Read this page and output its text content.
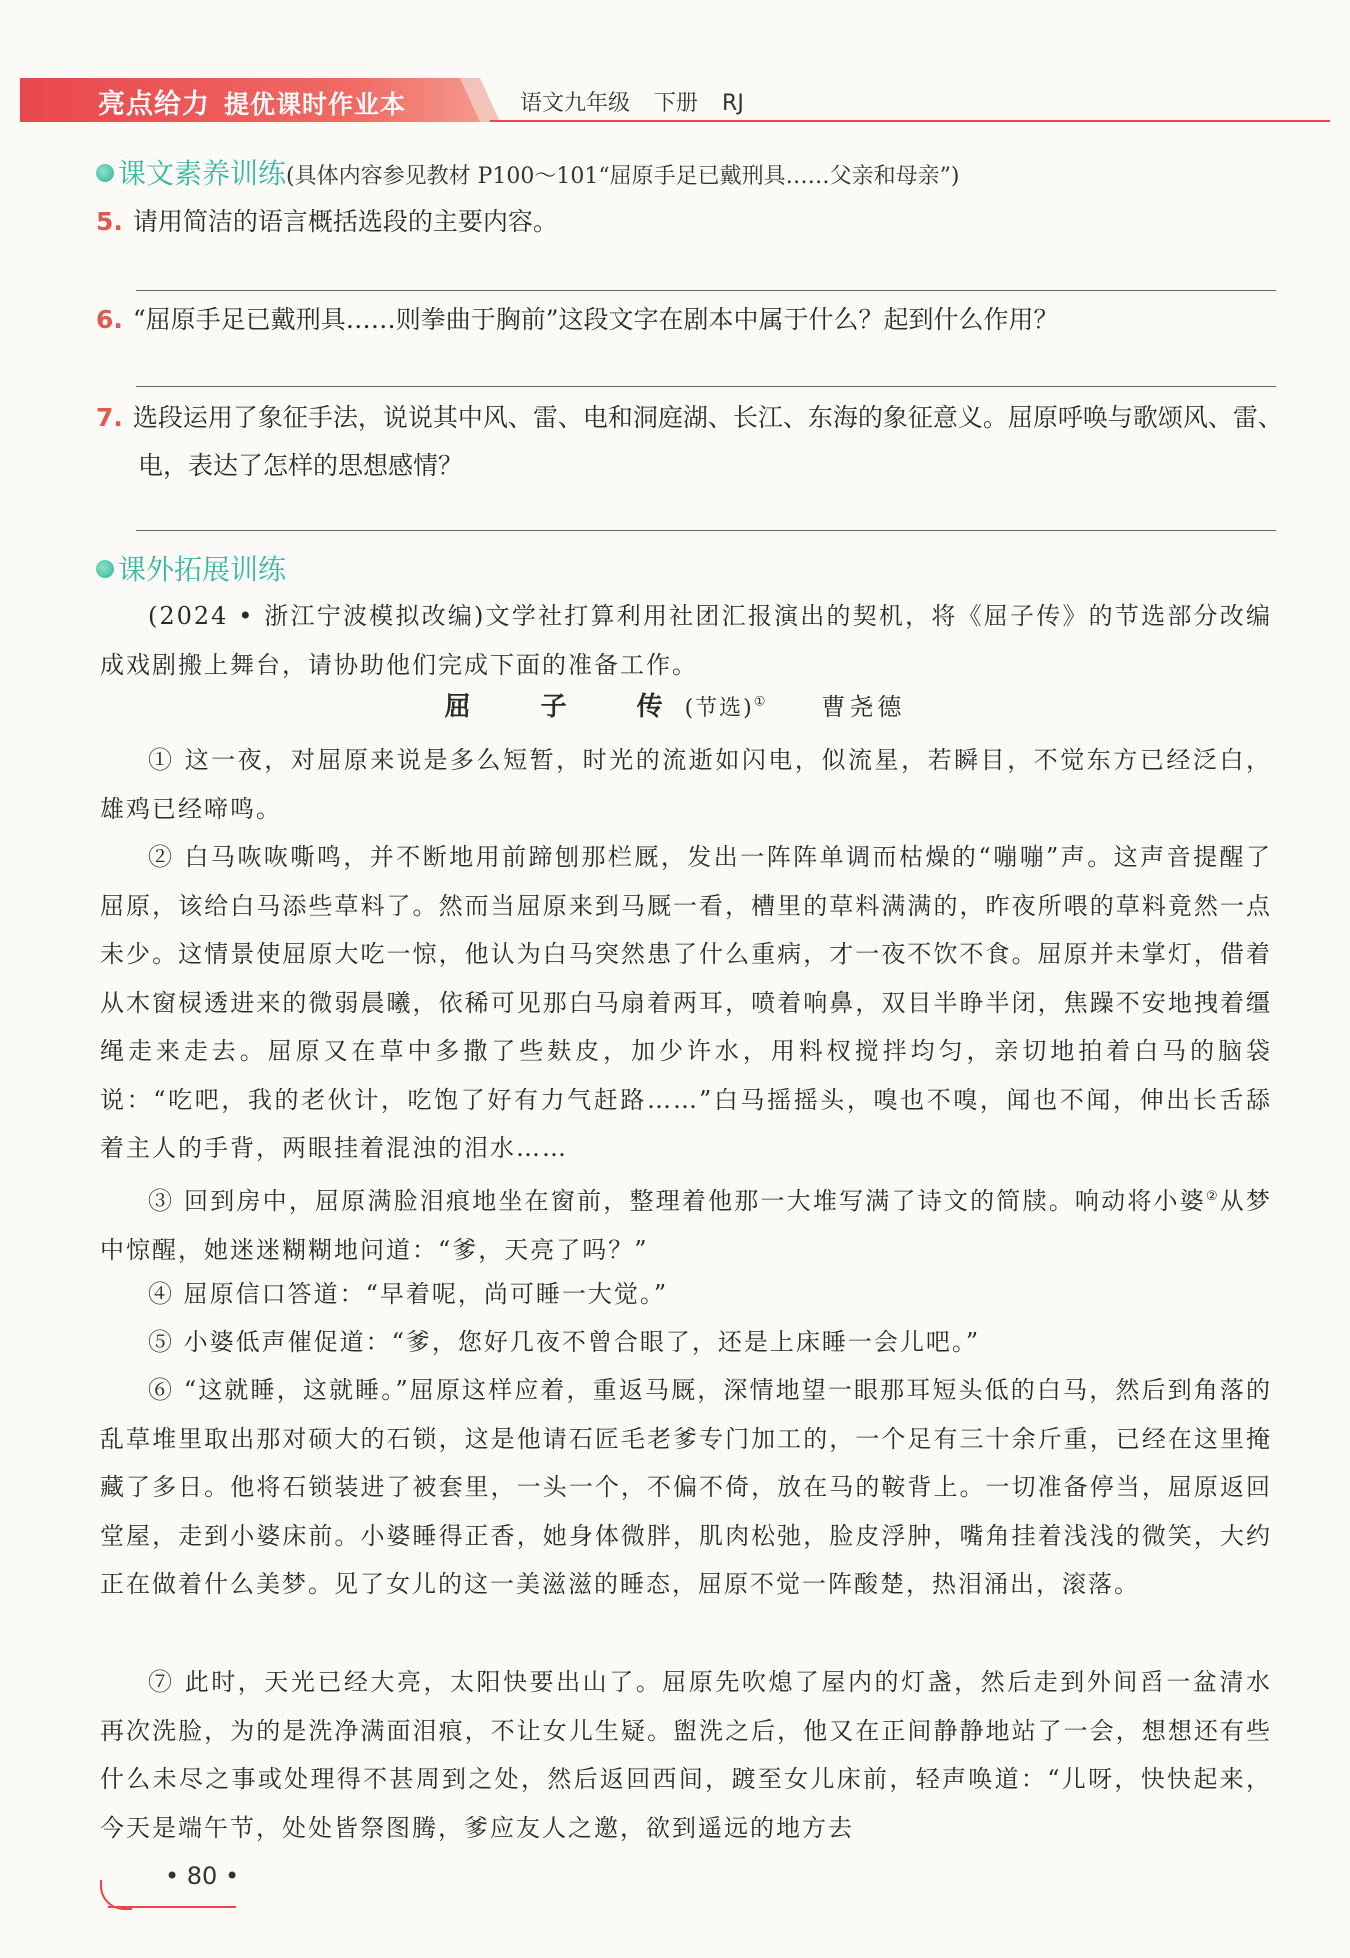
亮点给力 提优课时作业本	语文九年级 下册 RJ
课文素养训练(具体内容参见教材 P100～101“屈原手足已戴刑具……父亲和母亲”)
5. 请用简洁的语言概括选段的主要内容。
6. “屈原手足已戴刑具……则拳曲于胸前”这段文字在剧本中属于什么？起到什么作用？
7. 选段运用了象征手法，说说其中风、雷、电和洞庭湖、长江、东海的象征意义。屈原呼唤与歌颂风、雷、电，表达了怎样的思想感情？
课外拓展训练
(2024 • 浙江宁波模拟改编)文学社打算利用社团汇报演出的契机，将《屈子传》的节选部分改编成戏剧搬上舞台，请协助他们完成下面的准备工作。
屈　子　传(节选)① 曹尧德
① 这一夜，对屈原来说是多么短暂，时光的流逝如闪电，似流星，若瞬目，不觉东方已经泛白，雄鸡已经啼鸣。
② 白马咴咴嘶鸣，并不断地用前蹄刨那栏厩，发出一阵阵单调而枯燥的“嘣嘣”声。这声音提醒了屈原，该给白马添些草料了。然而当屈原来到马厩一看，槽里的草料满满的，昨夜所喂的草料竟然一点未少。这情景使屈原大吃一惊，他认为白马突然患了什么重病，才一夜不饮不食。屈原并未掌灯，借着从木窗棂透进来的微弱晨曦，依稀可见那白马扇着两耳，喷着响鼻，双目半睁半闭，焦躁不安地拽着缰绳走来走去。屈原又在草中多撒了些麸皮，加少许水，用料杈搅拌均匀，亲切地拍着白马的脑袋说：“吃吧，我的老伙计，吃饱了好有力气赶路……”白马摇摇头，嗅也不嗅，闻也不闻，伸出长舌舔着主人的手背，两眼挂着混浊的泪水……
③ 回到房中，屈原满脸泪痕地坐在窗前，整理着他那一大堆写满了诗文的简牍。响动将小婆②从梦中惊醒，她迷迷糊糊地问道：“爹，天亮了吗？”
④ 屈原信口答道：“早着呢，尚可睡一大觉。”
⑤ 小婆低声催促道：“爹，您好几夜不曾合眼了，还是上床睡一会儿吧。”
⑥ “这就睡，这就睡。”屈原这样应着，重返马厩，深情地望一眼那耳短头低的白马，然后到角落的乱草堆里取出那对硕大的石锁，这是他请石匠毛老爹专门加工的，一个足有三十余斤重，已经在这里掩藏了多日。他将石锁装进了被套里，一头一个，不偏不倚，放在马的鞍背上。一切准备停当，屈原返回堂屋，走到小婆床前。小婆睡得正香，她身体微胖，肌肉松弛，脸皮浮肿，嘴角挂着浅浅的微笑，大约正在做着什么美梦。见了女儿的这一美滋滋的睡态，屈原不觉一阵酸楚，热泪涌出，滚落。
⑦ 此时，天光已经大亮，太阳快要出山了。屈原先吹熄了屋内的灯盏，然后走到外间舀一盆清水再次洗脸，为的是洗净满面泪痕，不让女儿生疑。盥洗之后，他又在正间静静地站了一会，想想还有些什么未尽之事或处理得不甚周到之处，然后返回西间，踱至女儿床前，轻声唤道：“儿呀，快快起来，今天是端午节，处处皆祭图腾，爹应友人之邀，欲到遥远的地方去
• 80 •
